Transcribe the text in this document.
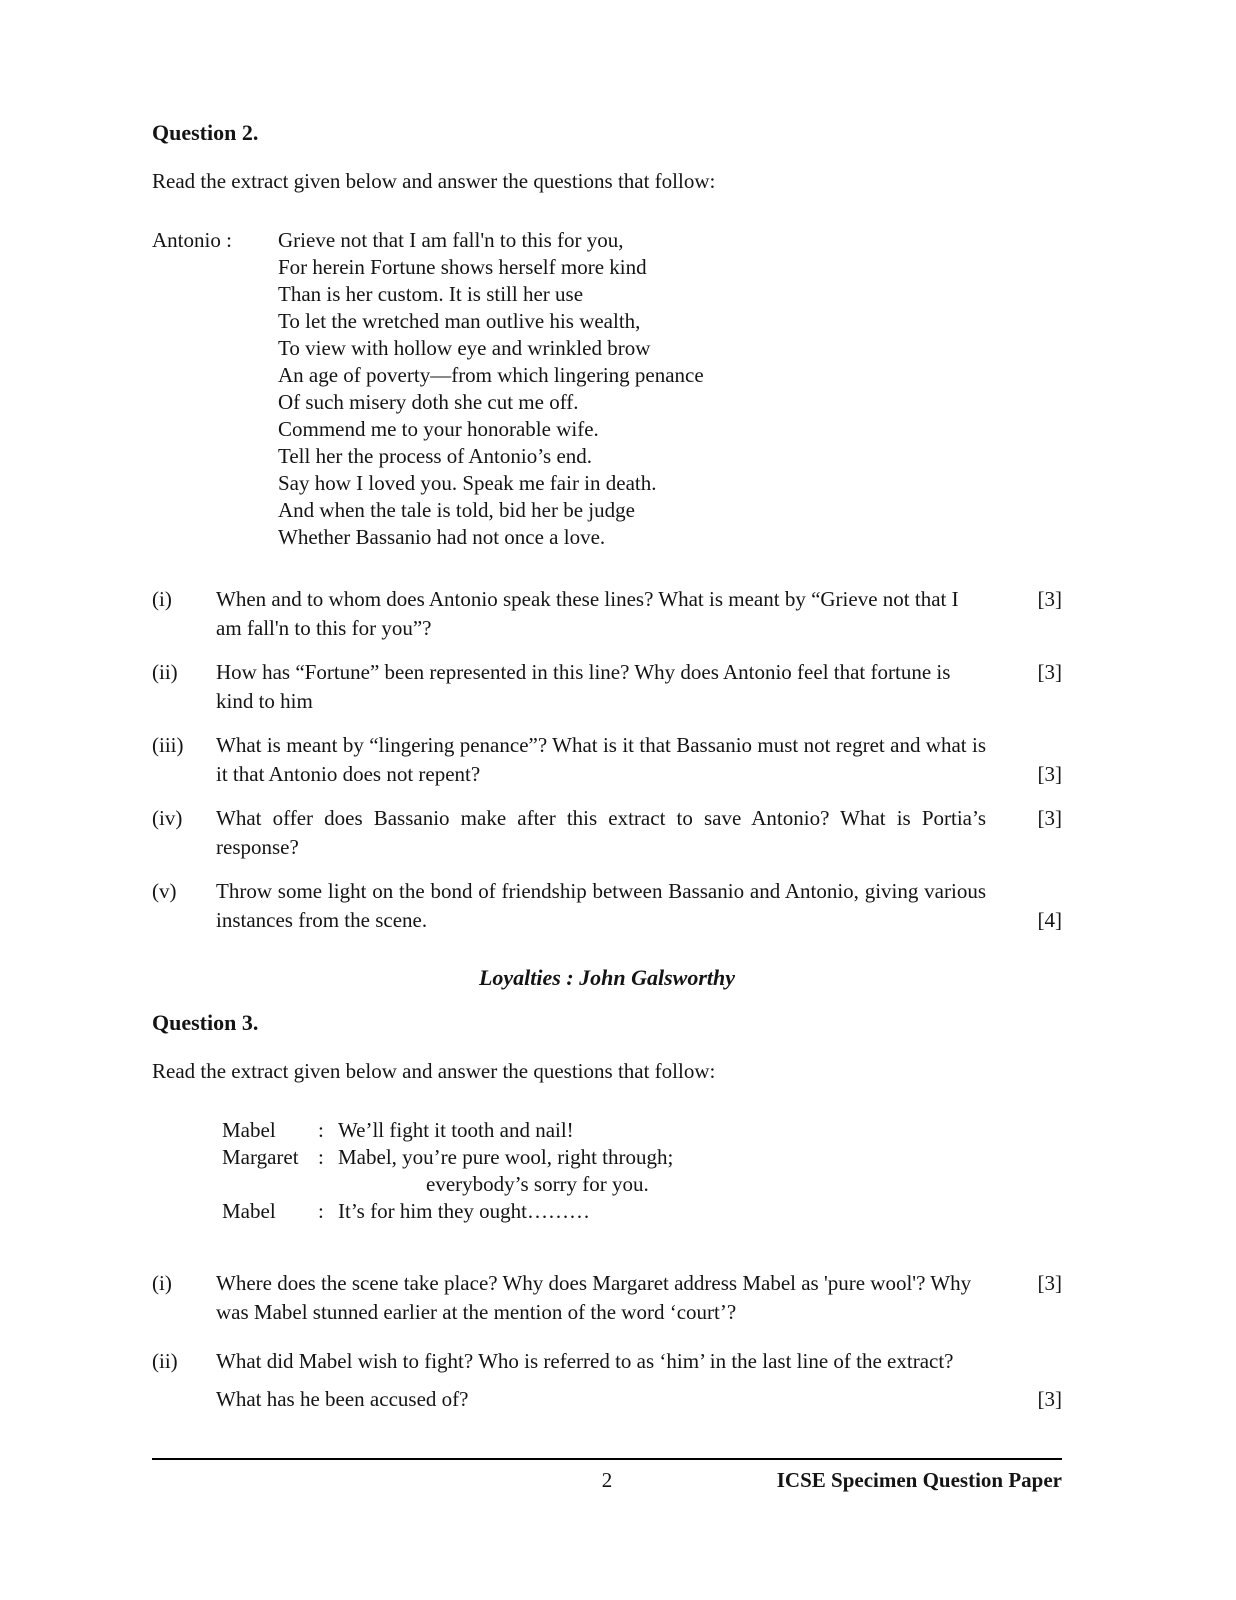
Question 2.

Read the extract given below and answer the questions that follow:

Antonio :	Grieve not that I am fall'n to this for you,
For herein Fortune shows herself more kind
Than is her custom. It is still her use
To let the wretched man outlive his wealth,
To view with hollow eye and wrinkled brow
An age of poverty—from which lingering penance
Of such misery doth she cut me off.
Commend me to your honorable wife.
Tell her the process of Antonio’s end.
Say how I loved you. Speak me fair in death.
And when the tale is told, bid her be judge
Whether Bassanio had not once a love.
(i)	When and to whom does Antonio speak these lines? What is meant by “Grieve not that I am fall'n to this for you”?
[3]
(ii)	How has “Fortune” been represented in this line? Why does Antonio feel that fortune is kind to him
[3]
(iii)	What is meant by “lingering penance”? What is it that Bassanio must not regret and what is it that Antonio does not repent?	[3]
(iv)	What offer does Bassanio make after this extract to save Antonio? What is Portia’s response?
[3]
(v)	Throw some light on the bond of friendship between Bassanio and Antonio, giving various instances from the scene.	[4]
Loyalties : John Galsworthy
Question 3.

Read the extract given below and answer the questions that follow:

Mabel	: We’ll fight it tooth and nail!
Margaret : Mabel, you’re pure wool, right through;
everybody’s sorry for you.
Mabel	: It’s for him they ought………
(i)	Where does the scene take place? Why does Margaret address Mabel as 'pure wool'? Why was Mabel stunned earlier at the mention of the word ‘court’?
[3]
(ii)	What did Mabel wish to fight? Who is referred to as ‘him’ in the last line of the extract? What has he been accused of?	[3]
2	ICSE Specimen Question Paper
